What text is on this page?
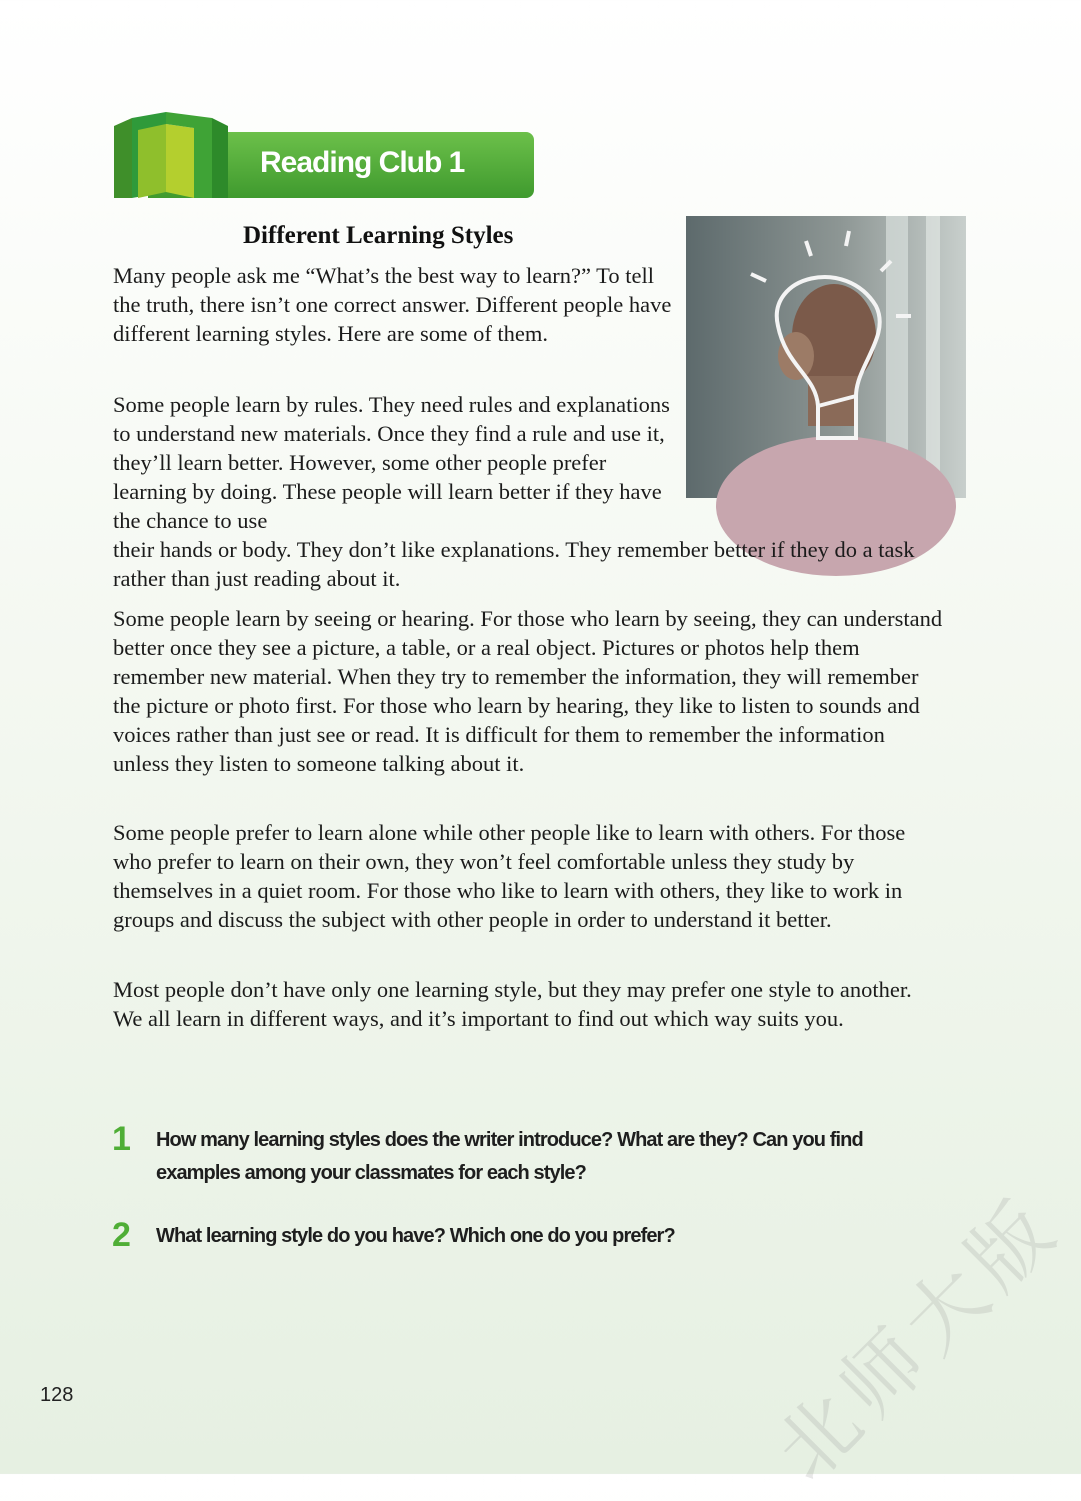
Reading Club 1
Different Learning Styles

Many people ask me “What’s the best way to learn?” To tell the truth, there isn’t one correct answer. Different people have different learning styles. Here are some of them.

Some people learn by rules. They need rules and explanations to understand new materials. Once they find a rule and use it, they’ll learn better. However, some other people prefer learning by doing. These people will learn better if they have the chance to use
their hands or body. They don’t like explanations. They remember better if they do a task rather than just reading about it.

Some people learn by seeing or hearing. For those who learn by seeing, they can understand better once they see a picture, a table, or a real object. Pictures or photos help them remember new material. When they try to remember the information, they will remember the picture or photo first. For those who learn by hearing, they like to listen to sounds and voices rather than just see or read. It is difficult for them to remember the information unless they listen to someone talking about it.

Some people prefer to learn alone while other people like to learn with others. For those who prefer to learn on their own, they won’t feel comfortable unless they study by themselves in a quiet room. For those who like to learn with others, they like to work in groups and discuss the subject with other people in order to understand it better.

Most people don’t have only one learning style, but they may prefer one style to another. We all learn in different ways, and it’s important to find out which way suits you.

1 How many learning styles does the writer introduce? What are they? Can you find examples among your classmates for each style?
2 What learning style do you have? Which one do you prefer?
128	北师大版
